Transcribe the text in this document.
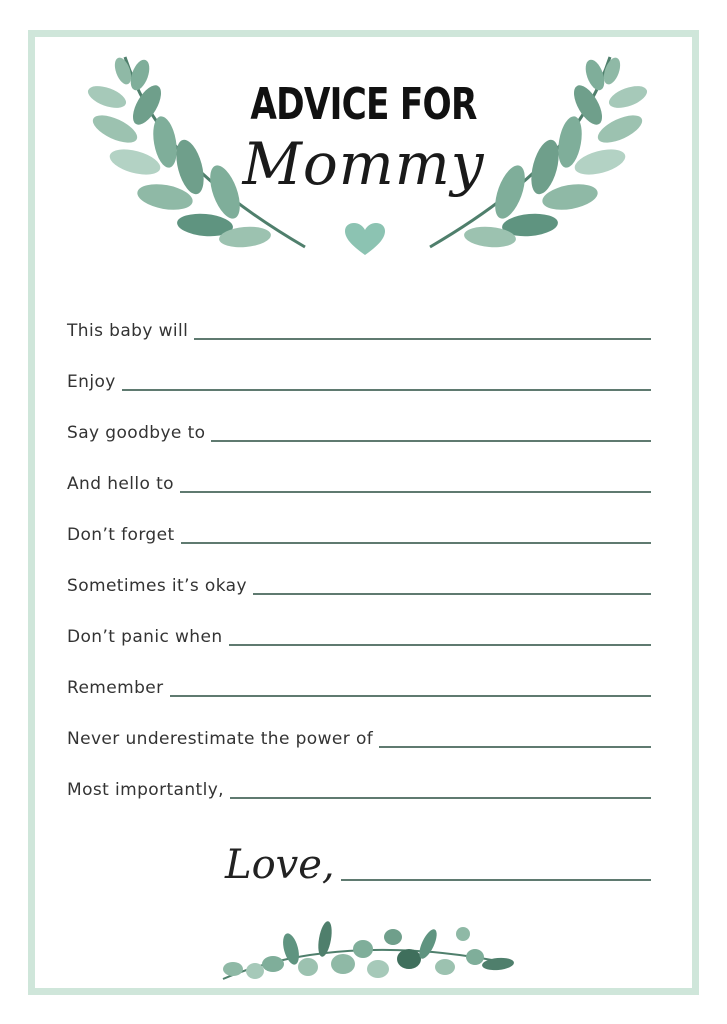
ADVICE FOR
Mommy
This baby will
Enjoy
Say goodbye to
And hello to
Don’t forget
Sometimes it’s okay
Don’t panic when
Remember
Never underestimate the power of
Most importantly,
Love,
